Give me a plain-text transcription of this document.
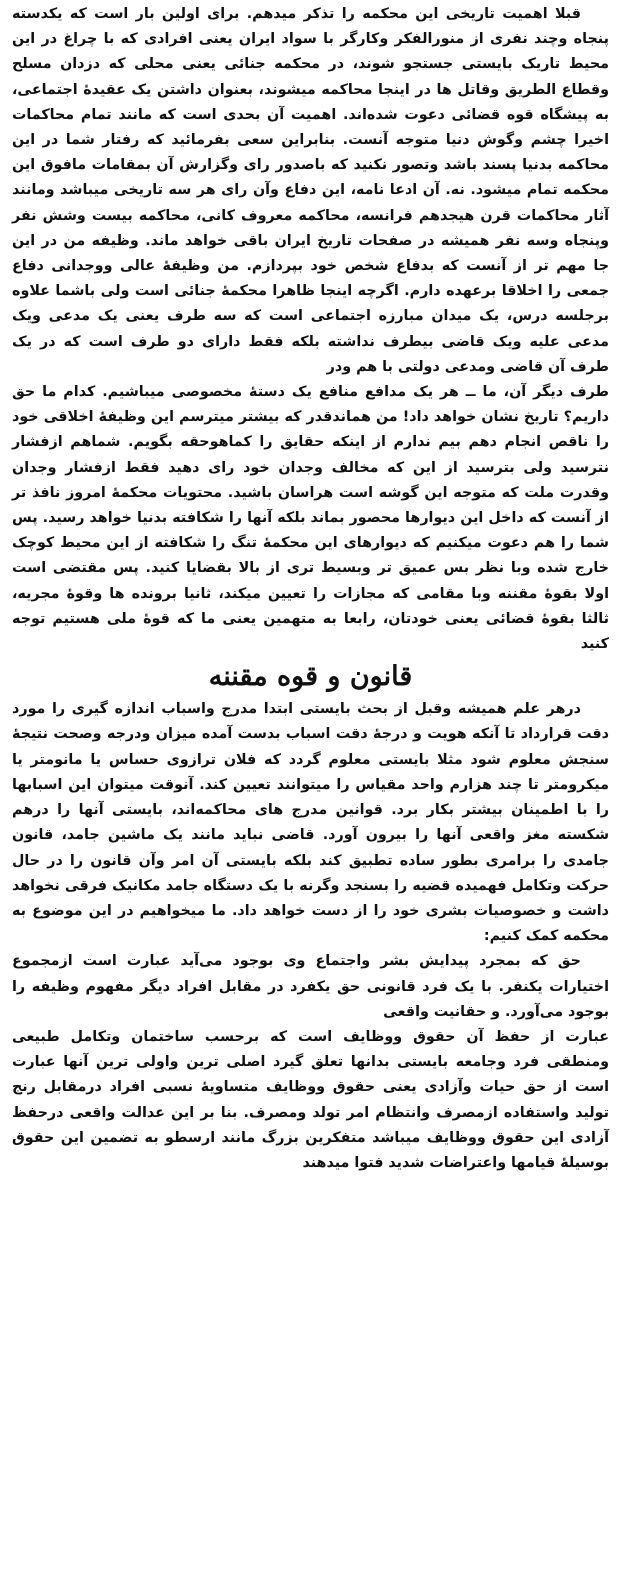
قبلا اهمیت تاریخی این محکمه را تذکر میدهم. برای اولین بار است که یکدسته پنجاه وچند نفری از منورالفکر وکارگر با سواد ایران یعنی افرادی که با چراغ در این محیط تاریک بایستی جستجو شوند، در محکمه جنائی یعنی محلی که دزدان مسلح وقطاع الطریق وقاتل ها در اینجا محاکمه میشوند، بعنوان داشتن یک عقیدهٔ اجتماعی، به پیشگاه قوه قضائی دعوت شده‌اند. اهمیت آن بحدی است که مانند تمام محاکمات اخیرا چشم وگوش دنیا متوجه آنست. بنابراین سعی بفرمائید که رفتار شما در این محاکمه بدنیا پسند باشد وتصور نکنید که باصدور رای وگزارش آن بمقامات مافوق این محکمه تمام میشود. نه. آن ادعا نامه، این دفاع وآن رای هر سه تاریخی میباشد ومانند آثار محاکمات قرن هیجدهم فرانسه، محاکمه معروف کانی، محاکمه بیست وشش نفر وپنجاه وسه نفر همیشه در صفحات تاریخ ایران باقی خواهد ماند. وظیفه من در این جا مهم تر از آنست که بدفاع شخص خود بپردازم. من وظیفهٔ عالی ووجدانی دفاع جمعی را اخلاقا برعهده دارم. اگرچه اینجا ظاهرا محکمهٔ جنائی است ولی باشما علاوه برجلسه درس، یک میدان مبارزه اجتماعی است که سه طرف یعنی یک مدعی ویک مدعی علیه ویک قاضی بیطرف نداشته بلکه فقط دارای دو طرف است که در یک طرف آن قاضی ومدعی دولتی با هم ودر

طرف دیگر آن، ما ــ هر یک مدافع منافع یک دستهٔ مخصوصی میباشیم. کدام ما حق داریم؟ تاریخ نشان خواهد داد! من هماندقدر که بیشتر میترسم این وظیفهٔ اخلاقی خود را ناقص انجام دهم بیم ندارم از اینکه حقایق را کماهوحقه بگویم. شماهم ازفشار نترسید ولی بترسید از این که مخالف وجدان خود رای دهید فقط ازفشار وجدان وقدرت ملت که متوجه این گوشه است هراسان باشید. محتویات محکمهٔ امروز نافذ تر از آنست که داخل این دیوارها محصور بماند بلکه آنها را شکافته بدنیا خواهد رسید. پس شما را هم دعوت میکنیم که دیوارهای این محکمهٔ تنگ را شکافته از این محیط کوچک خارج شده وبا نظر بس عمیق تر وبسیط تری از بالا بقضایا کنید. پس مقتضی است اولا بقوهٔ مقننه وبا مقامی که مجازات را تعیین میکند، ثانیا برونده ها وقوهٔ مجریه، ثالثا بقوهٔ قضائی یعنی خودتان، رابعا به متهمین یعنی ما که قوهٔ ملی هستیم توجه کنید

قانون و قوه مقننه

درهر علم همیشه وقبل از بحث بایستی ابتدا مدرج واسباب اندازه گیری را مورد دقت قرارداد تا آنکه هویت و درجهٔ دقت اسباب بدست آمده میزان ودرجه وصحت نتیجهٔ سنجش معلوم شود مثلا بایستی معلوم گردد که فلان ترازوی حساس یا مانومتر یا میکرومتر تا چند هزارم واحد مقیاس را میتوانند تعیین کند. آنوقت میتوان این اسبابها را با اطمینان بیشتر بکار برد. قوانین مدرج های محاکمه‌اند، بایستی آنها را درهم شکسته مغز واقعی آنها را بیرون آورد. قاضی نباید مانند یک ماشین جامد، قانون جامدی را برامری بطور ساده تطبیق کند بلکه بایستی آن امر وآن قانون را در حال حرکت وتکامل فهمیده قضیه را بسنجد وگرنه با یک دستگاه جامد مکانیک فرقی نخواهد داشت و خصوصیات بشری خود را از دست خواهد داد. ما میخواهیم در این موضوع به محکمه کمک کنیم:

حق که بمجرد پیدایش بشر واجتماع وی بوجود می‌آید عبارت است ازمجموع اختیارات یکنفر. با یک فرد قانونی حق یکفرد در مقابل افراد دیگر مفهوم وظیفه را بوجود می‌آورد. و حقانیت واقعی

عبارت از حفظ آن حقوق ووظایف است که برحسب ساختمان وتکامل طبیعی ومنطقی فرد وجامعه بایستی بدانها تعلق گیرد اصلی ترین واولی ترین آنها عبارت است از حق حیات وآزادی یعنی حقوق ووظایف متساویهٔ نسبی افراد درمقابل رنج تولید واستفاده ازمصرف وانتظام امر تولد ومصرف. بنا بر این عدالت واقعی درحفظ آزادی این حقوق ووظایف میباشد متفکرین بزرگ مانند ارسطو به تضمین این حقوق بوسیلهٔ قیامها واعتراضات شدید فتوا میدهند
